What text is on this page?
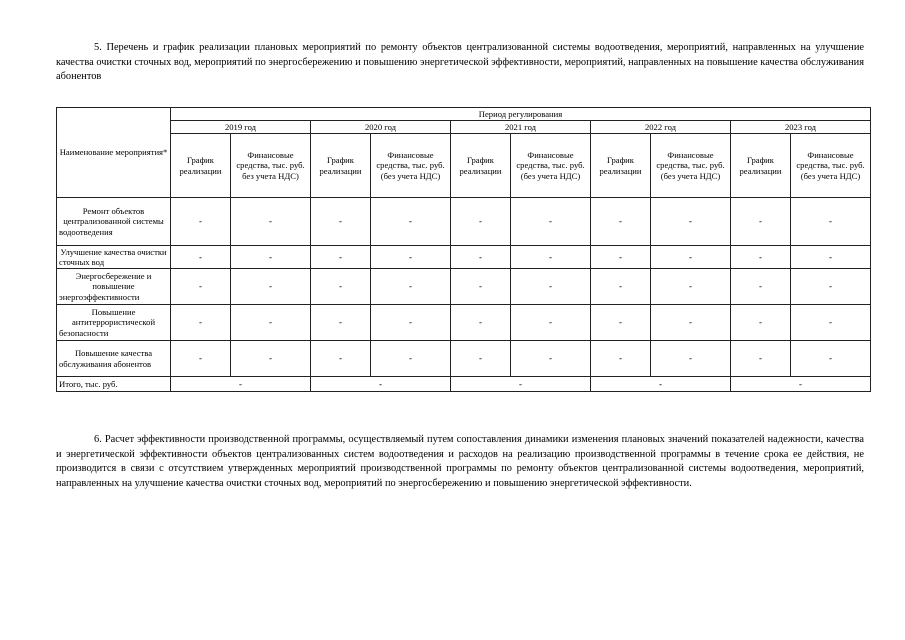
5. Перечень и график реализации плановых мероприятий по ремонту объектов централизованной системы водоотведения, мероприятий, направленных на улучшение качества очистки сточных вод, мероприятий по энергосбережению и повышению энергетической эффективности, мероприятий, направленных на повышение качества обслуживания абонентов

Наименование мероприятия*	Период регулирования									
	2019 год		2020 год		2021 год		2022 год		2023 год	
	График реализации	Финансовые средства, тыс. руб. без учета НДС)	График реализации	Финансовые средства, тыс. руб. (без учета НДС)	График реализации	Финансовые средства, тыс. руб. (без учета НДС)	График реализации	Финансовые средства, тыс. руб. (без учета НДС)	График реализации	Финансовые средства, тыс. руб. (без учета НДС)
Ремонт объектов централизованной системы водоотведения	-	-	-	-	-	-	-	-	-	-
Улучшение качества очистки сточных вод	-	-	-	-	-	-	-	-	-	-
Энергосбережение и повышение энергоэффективности	-	-	-	-	-	-	-	-	-	-
Повышение антитеррористической безопасности	-	-	-	-	-	-	-	-	-	-
Повышение качества обслуживания абонентов	-	-	-	-	-	-	-	-	-	-
Итого, тыс. руб.	-		-		-		-		-	

6. Расчет эффективности производственной программы, осуществляемый путем сопоставления динамики изменения плановых значений показателей надежности, качества и энергетической эффективности объектов централизованных систем водоотведения и расходов на реализацию производственной программы в течение срока ее действия, не производится в связи с отсутствием утвержденных мероприятий производственной программы по ремонту объектов централизованной системы водоотведения, мероприятий, направленных на улучшение качества очистки сточных вод, мероприятий по энергосбережению и повышению энергетической эффективности.
